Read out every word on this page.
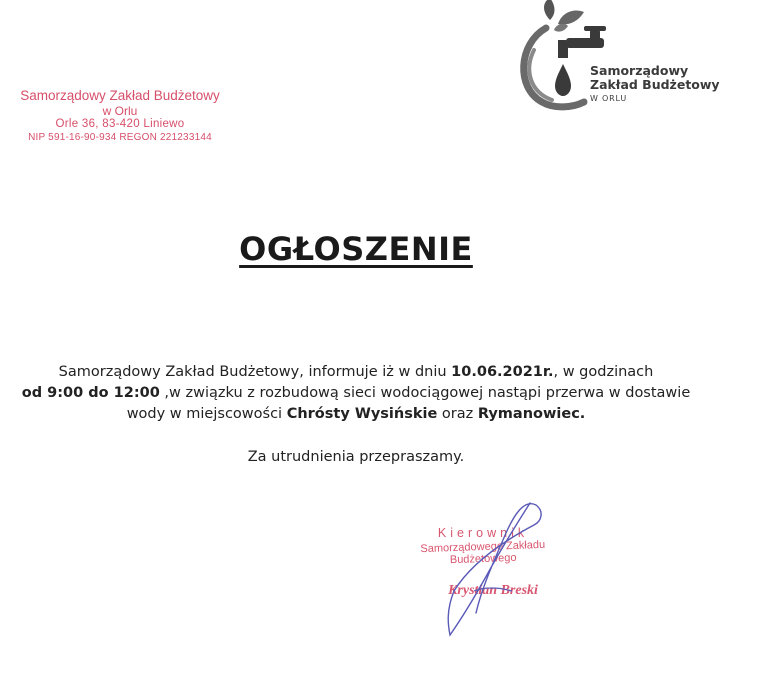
Samorządowy Zakład Budżetowy
w Orlu
Orle 36, 83-420 Liniewo
NIP 591-16-90-934 REGON 221233144
Samorządowy
Zakład Budżetowy
W ORLU
OGŁOSZENIE
Samorządowy Zakład Budżetowy, informuje iż w dniu 10.06.2021r., w godzinach
od 9:00 do 12:00 ,w związku z rozbudową sieci wodociągowej nastąpi przerwa w dostawie
wody w miejscowości Chrósty Wysińskie oraz Rymanowiec.
Za utrudnienia przepraszamy.
Kierownik
Samorządowego Zakładu Budżetowego
Krystian Breski
